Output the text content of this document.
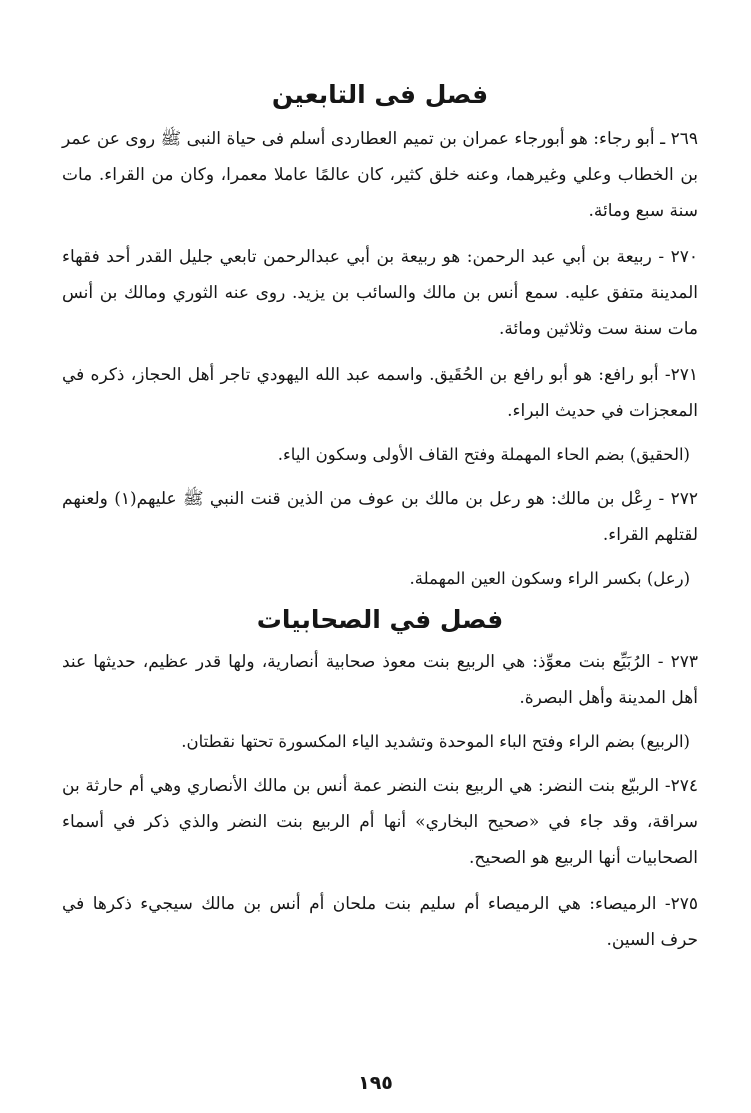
فصل فى التابعين

٢٦٩ ـ أبو رجاء: هو أبورجاء عمران بن تميم العطاردى أسلم فى حياة النبى ﷺ روى عن عمر بن الخطاب وعلي وغيرهما، وعنه خلق كثير، كان عالمًا عاملا معمرا، وكان من القراء. مات سنة سبع ومائة.

٢٧٠ - ربيعة بن أبي عبد الرحمن: هو ربيعة بن أبي عبدالرحمن تابعي جليل القدر أحد فقهاء المدينة متفق عليه. سمع أنس بن مالك والسائب بن يزيد. روى عنه الثوري ومالك بن أنس مات سنة ست وثلاثين ومائة.

٢٧١- أبو رافع: هو أبو رافع بن الحُقَيق. واسمه عبد الله اليهودي تاجر أهل الحجاز، ذكره في المعجزات في حديث البراء.

(الحقيق) بضم الحاء المهملة وفتح القاف الأولى وسكون الياء.

٢٧٢ - رِعْل بن مالك: هو رعل بن مالك بن عوف من الذين قنت النبي ﷺ عليهم(١) ولعنهم لقتلهم القراء.

(رعل) بكسر الراء وسكون العين المهملة.

فصل في الصحابيات

٢٧٣ - الرُبَيِّع بنت معوِّذ: هي الربيع بنت معوذ صحابية أنصارية، ولها قدر عظيم، حديثها عند أهل المدينة وأهل البصرة.

(الربيع) بضم الراء وفتح الباء الموحدة وتشديد الياء المكسورة تحتها نقطتان.

٢٧٤- الربيّع بنت النضر: هي الربيع بنت النضر عمة أنس بن مالك الأنصاري وهي أم حارثة بن سراقة، وقد جاء في «صحيح البخاري» أنها أم الربيع بنت النضر والذي ذكر في أسماء الصحابيات أنها الربيع هو الصحيح.

٢٧٥- الرميصاء: هي الرميصاء أم سليم بنت ملحان أم أنس بن مالك سيجيء ذكرها في حرف السين.

١٩٥
